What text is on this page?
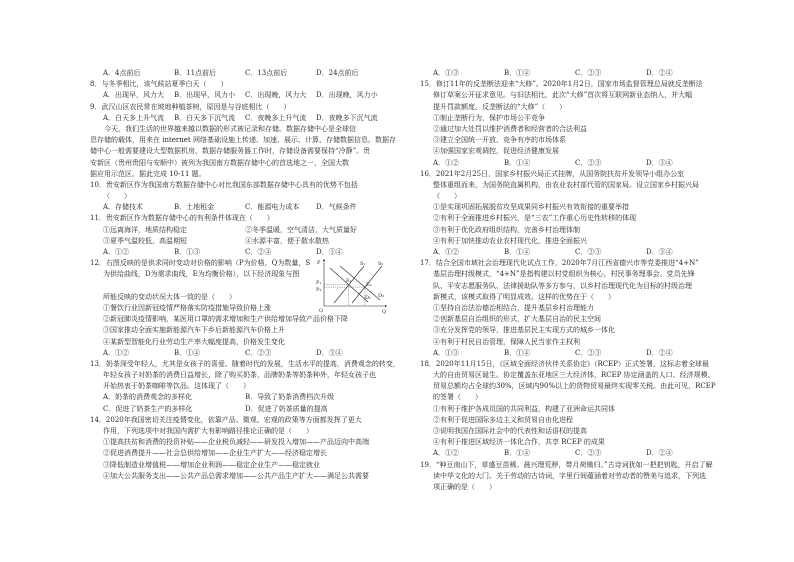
A．4点前后	B．11点前后	C．13点前后	D．24点前后
8．与冬季相比，该气候站夏季白天（　　）
A．出现早，风力大	B．出现早，风力小	C．出现晚，风力大	D．出现晚，风力小
9．武汉山区农民常在坡地种植茶树，原因是与谷底相比（　　）
A．白天多上升气流	B．白天多下沉气流	C．夜晚多上升气流	D．夜晚多下沉气流
今天，我们生活的世界越来越以数据的形式被记录和存储。数据存储中心是全球信
息存储的载体，用来在 internet 网络基础设施上传递、加速、展示、计算、存储数据信息。数据存
储中心一般需要建设大型数据机房，数据存储服务器工作时，存储设备需要保持“冷静”。贵
安新区（贵州贵阳与安顺中）被列为我国南方数据存储中心的首选地之一，全国大数
据应用示范区。据此完成 10-11 题。
10．贵安新区作为我国南方数据存储中心对比我国东部数据存储中心具有的优势不包括
（　　）
A．存储技术	B．土地租金	C．能源电力成本	D．气候条件
11．贵安新区作为数据存储中心的有利条件体现在（　　）
①远离海洋，地质结构稳定	②冬季温暖，空气清洁，大气质量好
③夏季气温较低，高温期短	④水源丰富，便于散水散热
A．①②	B．①③	C．②④	D．③④
12．右图反映的是供求同时变动对价格的影响（P为价格，Q为数量，S
为供给曲线，D为需求曲线，E为均衡价格），以下经济现象与图
所能反映的变动状况大体一致的是（　　）
①餐饮行业因新冠疫情严格落实防疫措施导致价格上涨
②新冠肺炎疫情影响，某医用口罩的需求增加和生产供给增加导致产品价格下降
③国家推动全面实施新能源汽车下乡后新能源汽车价格上升
④某新型智能化行业劳动生产率大幅度提高，价格发生变化
A．①②	B．①④	C．②③	D．③④
13．奶茶深受年轻人，尤其是女孩子的喜爱。随着时代的发展，生活水平的提高，消费观念的转变，
年轻女孩子对奶茶的消费日益增长，除了购买奶茶，品牌奶茶等奶茶种外，年轻女孩子也
开始热衷于奶茶咖啡等饮品。这体现了（　　）
A．奶茶的消费观念的多样化	B．导致了奶茶消费档次升级
C．促进了奶茶生产的多样化	D．促进了奶茶质量的提高
14．2020年我国密切关注疫情变化，依靠产品、微观、宏观的政策等方面都发挥了更大
作用，下列选项中对我国内需扩大有影响路径推论正确的是（　　）
①提高扶贫和消费的投资补贴——企业税负减轻——研发投入增加——产品迈向中高端
②促进消费提升——社会总供给增加——企业生产扩大——经济稳定增长
③降低制造业增值税——增加企业利润——稳定企业生产——稳定就业
④加大公共服务支出——公共产品总需求增加——公共产品生产扩大——满足公共需要
P
Q
O
S₁	S₂
D₁ D₂
P₁
P₂
E₁
E₂
A．①③	B．①④	C．②③	D．②④
15．修订11年的反垄断法迎来“大修”。2020年1月2日，国家市场监督管理总局就反垄断法
修订草案公开征求意见。与旧法相比，此次“大修”首次将互联网新业态纳入，并大幅
提升罚款额度。反垄断法的“大修”（　　）
①制止垄断行为，保护市场公平竞争
②通过加大处罚以维护消费者和经营者的合法利益
③建立全国统一开放、竞争有序的市场体系
④加强国家宏观调控，促进经济健康发展
A．①②	B．①④	C．②③	D．③④
16．2021年2月25日，国家乡村振兴局正式挂牌，从国务院扶贫开发领导小组办公室
整体重组而来，为国务院直属机构，由农业农村部代管的国家局。设立国家乡村振兴局
（　　）
①是实现巩固拓展脱贫攻坚成果同乡村振兴有效衔接的重要举措
②有利于全面推进乡村振兴，是“三农”工作重心历史性转移的体现
③有利于优化政府组织结构，完善乡村治理体制
④有利于加快推动农业农村现代化，推进全面振兴
A．①②	B．①④	C．②③	D．③④
17．结合全国市域社会治理现代化试点工作，2020年7月江西省德兴市等党委推进“4+N”
基层治理村级模式，“4+N”是指构建以村党组织为核心，村民事务理事会、党员先锋
队、平安志愿服务队、法律援助队等多方参与，以乡村治理现代化为目标的村级治理
新模式，该模式取得了明显成效。这样的优势在于（　　）
①坚持自治法治德治相结合，提升基层乡村治理能力
②创新基层自治组织的形式，扩大基层自治的民主空间
③充分发挥党的领导，推进基层民主实现方式的城乡一体化
④有利于村民自治管理，保障人民当家作主权利
A．①③	B．①④	C．②③	D．②④
18．2020年11月15日，《区域全面经济伙伴关系协定》（RCEP）正式签署，这标志着全球最
大的自由贸易区诞生。协定覆盖东亚地区三大经济体，RCEP 协定涵盖的人口、经济规模、
贸易总额均占全球约30%，区域内90%以上的货物贸易最终实现零关税。由此可见，RCEP
的签署（　　）
①有利于维护各成员国的共同利益，构建了亚洲命运共同体
②有利于促进国际多边主义和贸易自由化进程
③说明我国在国际社会中的代表性和话语权的提高
④有利于推进区域经济一体化合作，共享 RCEP 的成果
A．①②	B．①④	C．②③	D．②④
19．“种豆南山下，草盛豆苗稀。晨兴理荒秽，带月荷锄归。”古诗词犹如一把把钥匙，开启了解
读中华文化的大门。关于劳动的古诗词，字里行间蕴涵着对劳动者的赞美与追求，下列选
项正确的是（　　）
